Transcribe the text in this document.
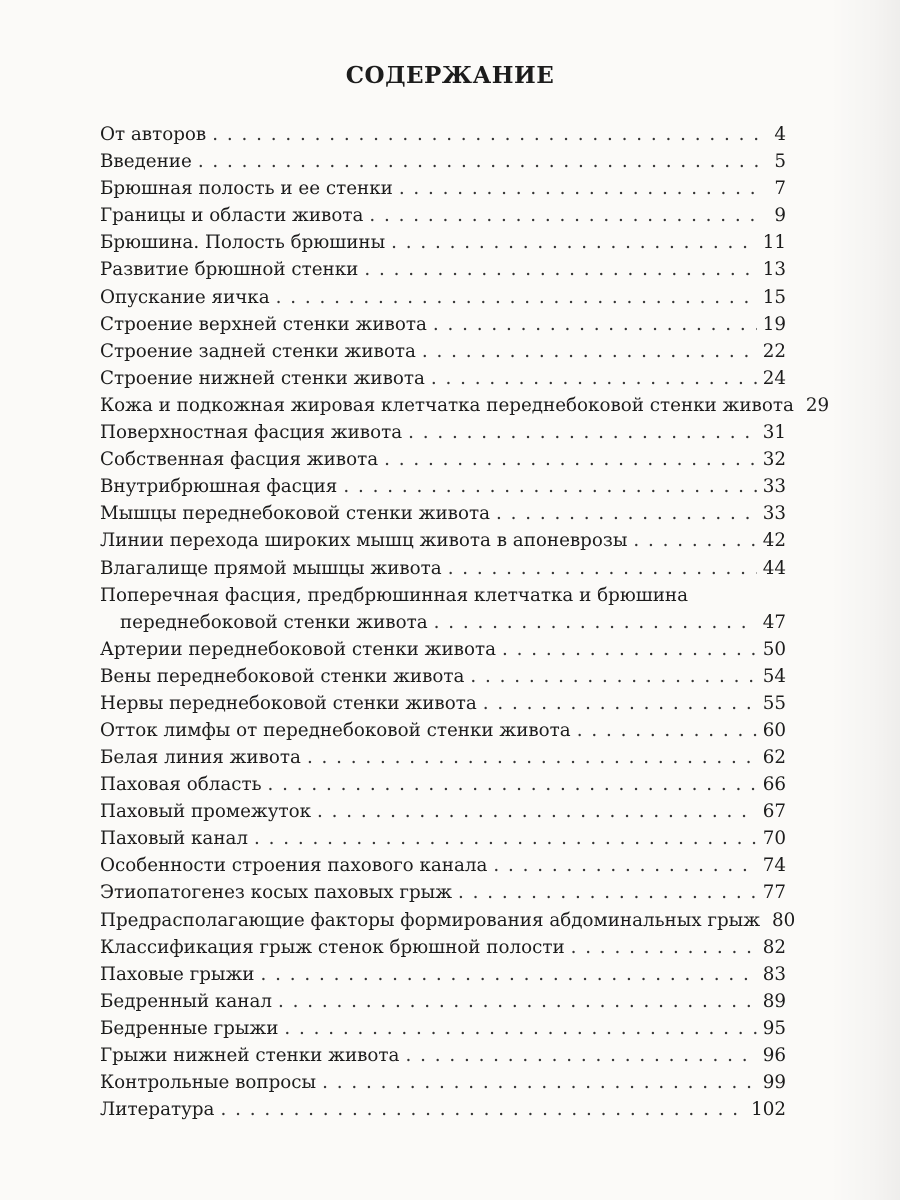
СОДЕРЖАНИЕ
От авторов . . .	4
Введение . . .	5
Брюшная полость и ее стенки . . .	7
Границы и области живота . . .	9
Брюшина. Полость брюшины . . .	11
Развитие брюшной стенки . . .	13
Опускание яичка . . .	15
Строение верхней стенки живота . . .	19
Строение задней стенки живота . . .	22
Строение нижней стенки живота . . .	24
Кожа и подкожная жировая клетчатка переднебоковой стенки живота 29
Поверхностная фасция живота . . .	31
Собственная фасция живота . . .	32
Внутрибрюшная фасция . . .	33
Мышцы переднебоковой стенки живота . . .	33
Линии перехода широких мышц живота в апоневрозы . . .	42
Влагалище прямой мышцы живота . . .	44
Поперечная фасция, предбрюшинная клетчатка и брюшина
переднебоковой стенки живота . . .	47
Артерии переднебоковой стенки живота . . .	50
Вены переднебоковой стенки живота . . .	54
Нервы переднебоковой стенки живота . . .	55
Отток лимфы от переднебоковой стенки живота . . .	60
Белая линия живота . . .	62
Паховая область . . .	66
Паховый промежуток . . .	67
Паховый канал . . .	70
Особенности строения пахового канала . . .	74
Этиопатогенез косых паховых грыж . . .	77
Предрасполагающие факторы формирования абдоминальных грыж 80
Классификация грыж стенок брюшной полости . . .	82
Паховые грыжи . . .	83
Бедренный канал . . .	89
Бедренные грыжи . . .	95
Грыжи нижней стенки живота . . .	96
Контрольные вопросы . . .	99
Литература . . .	102
